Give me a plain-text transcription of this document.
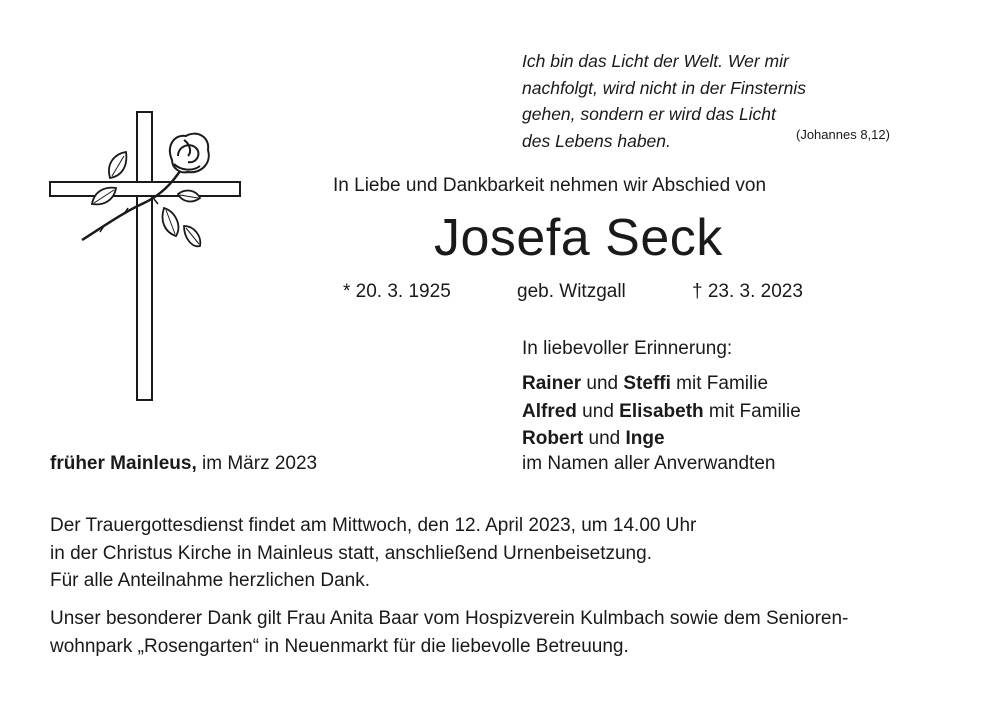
Ich bin das Licht der Welt. Wer mir
nachfolgt, wird nicht in der Finsternis
gehen, sondern er wird das Licht
des Lebens haben.	(Johannes 8,12)
In Liebe und Dankbarkeit nehmen wir Abschied von
Josefa Seck
* 20. 3. 1925	geb. Witzgall	† 23. 3. 2023
In liebevoller Erinnerung:
Rainer und Steffi mit Familie
Alfred und Elisabeth mit Familie
Robert und Inge
früher Mainleus, im März 2023	im Namen aller Anverwandten
Der Trauergottesdienst findet am Mittwoch, den 12. April 2023, um 14.00 Uhr
in der Christus Kirche in Mainleus statt, anschließend Urnenbeisetzung.
Für alle Anteilnahme herzlichen Dank.
Unser besonderer Dank gilt Frau Anita Baar vom Hospizverein Kulmbach sowie dem Senioren-
wohnpark „Rosengarten“ in Neuenmarkt für die liebevolle Betreuung.
